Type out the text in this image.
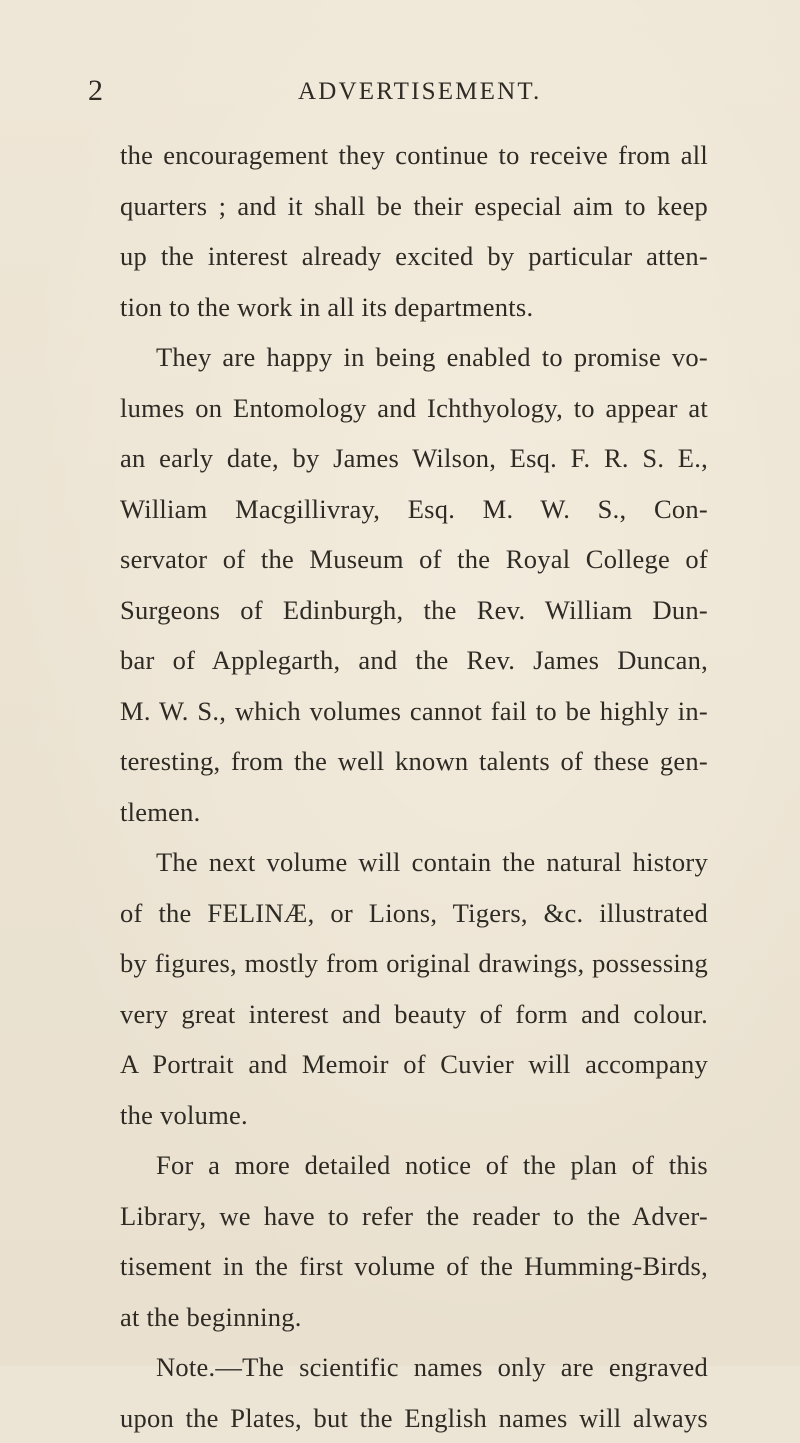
2	ADVERTISEMENT.
the encouragement they continue to receive from all
quarters ; and it shall be their especial aim to keep
up the interest already excited by particular atten-
tion to the work in all its departments.
They are happy in being enabled to promise vo-
lumes on Entomology and Ichthyology, to appear at
an early date, by James Wilson, Esq. F. R. S. E.,
William Macgillivray, Esq. M. W. S., Con-
servator of the Museum of the Royal College of
Surgeons of Edinburgh, the Rev. William Dun-
bar of Applegarth, and the Rev. James Duncan,
M. W. S., which volumes cannot fail to be highly in-
teresting, from the well known talents of these gen-
tlemen.
The next volume will contain the natural history
of the FELINÆ, or Lions, Tigers, &c. illustrated
by figures, mostly from original drawings, possessing
very great interest and beauty of form and colour.
A Portrait and Memoir of Cuvier will accompany
the volume.
For a more detailed notice of the plan of this
Library, we have to refer the reader to the Adver-
tisement in the first volume of the Humming-Birds,
at the beginning.
Note.—The scientific names only are engraved
upon the Plates, but the English names will always
